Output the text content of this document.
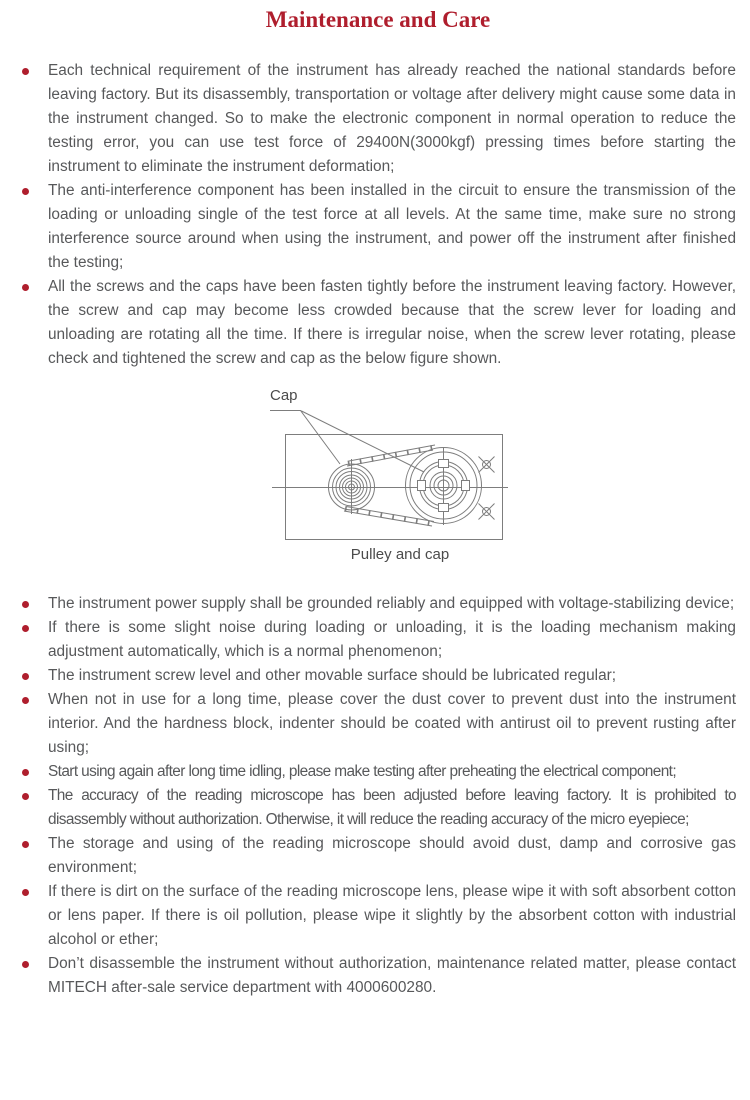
Maintenance and Care
Each technical requirement of the instrument has already reached the national standards before leaving factory. But its disassembly, transportation or voltage after delivery might cause some data in the instrument changed. So to make the electronic component in normal operation to reduce the testing error, you can use test force of 29400N(3000kgf) pressing times before starting the instrument to eliminate the instrument deformation;
The anti-interference component has been installed in the circuit to ensure the transmission of the loading or unloading single of the test force at all levels. At the same time, make sure no strong interference source around when using the instrument, and power off the instrument after finished the testing;
All the screws and the caps have been fasten tightly before the instrument leaving factory. However, the screw and cap may become less crowded because that the screw lever for loading and unloading are rotating all the time. If there is irregular noise, when the screw lever rotating, please check and tightened the screw and cap as the below figure shown.
Cap
Pulley and cap
The instrument power supply shall be grounded reliably and equipped with voltage-stabilizing device;
If there is some slight noise during loading or unloading, it is the loading mechanism making adjustment automatically, which is a normal phenomenon;
The instrument screw level and other movable surface should be lubricated regular;
When not in use for a long time, please cover the dust cover to prevent dust into the instrument interior. And the hardness block, indenter should be coated with antirust oil to prevent rusting after using;
Start using again after long time idling, please make testing after preheating the electrical component;
The accuracy of the reading microscope has been adjusted before leaving factory. It is prohibited to disassembly without authorization. Otherwise, it will reduce the reading accuracy of the micro eyepiece;
The storage and using of the reading microscope should avoid dust, damp and corrosive gas environment;
If there is dirt on the surface of the reading microscope lens, please wipe it with soft absorbent cotton or lens paper. If there is oil pollution, please wipe it slightly by the absorbent cotton with industrial alcohol or ether;
Don’t disassemble the instrument without authorization, maintenance related matter, please contact MITECH after-sale service department with 4000600280.
